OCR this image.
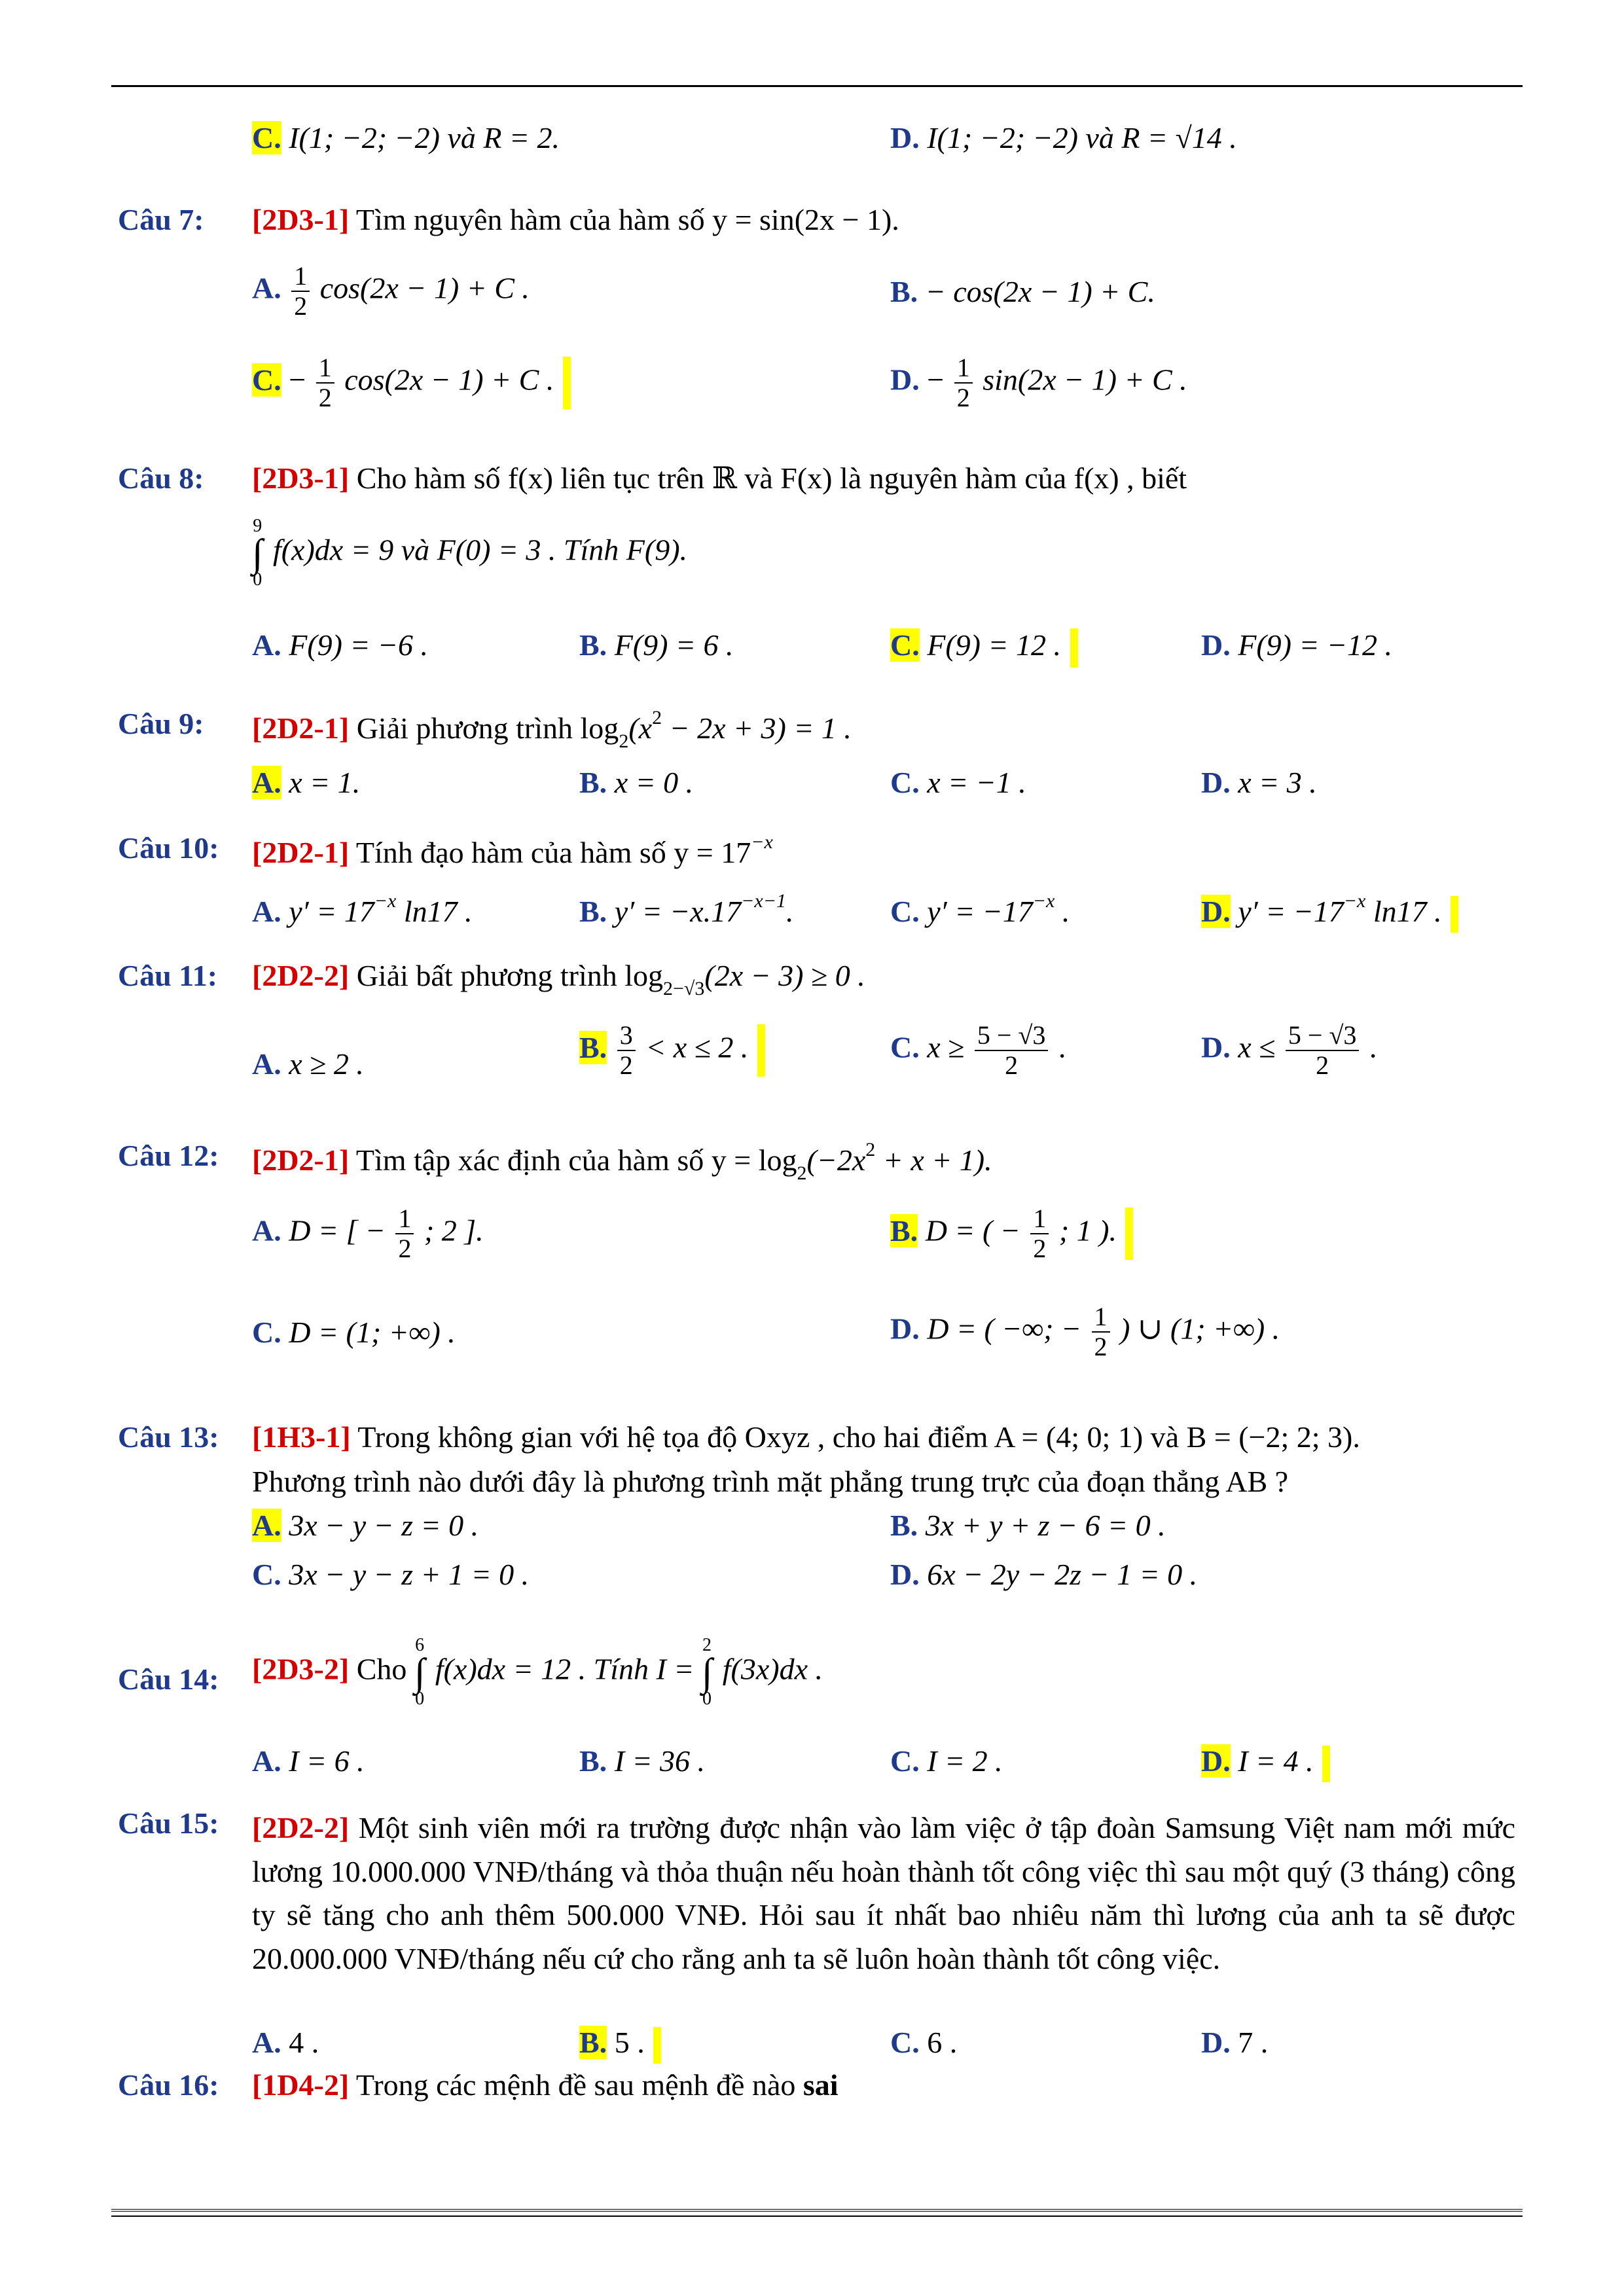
C. I(1; −2; −2) và R = 2.	D. I(1; −2; −2) và R = √14 .
Câu 7: [2D3-1] Tìm nguyên hàm của hàm số y = sin(2x − 1).
A. $\frac{1}{2} \cos(2x - 1) + C$ .	B. − cos(2x − 1) + C.
C. − $\frac{1}{2} \cos(2x - 1) + C$ .	D. − $\frac{1}{2} \sin(2x - 1) + C$ .
Câu 8: [2D3-1] Cho hàm số f(x) liên tục trên ℝ và F(x) là nguyên hàm của f(x) , biết
9
∫
0
f(x)dx = 9 và F(0) = 3 . Tính F(9).
A. F(9) = −6 .	B. F(9) = 6 .	C. F(9) = 12 .	D. F(9) = −12 .
Câu 9: [2D2-1] Giải phương trình $\log_2(x^2 - 2x + 3) = 1$ .
A. x = 1.	B. x = 0 .	C. x = −1 .	D. x = 3 .
Câu 10: [2D2-1] Tính đạo hàm của hàm số $y = 17^{-x}$
A. $y' = 17^{-x}$ ln17 .	B. $y' = -x.17^{-x-1}$.	C. $y' = -17^{-x}$ .	D. $y' = -17^{-x}$ ln17 .
Câu 11: [2D2-2] Giải bất phương trình $\log_{2-√3}(2x - 3) \ge 0$ .
A. x ≥ 2 .	B. $\frac{3}{2} < x \le 2$ .	C. $x \ge \frac{5 - √3}{2}$ .	D. $x \le \frac{5 - √3}{2}$ .
Câu 12: [2D2-1] Tìm tập xác định của hàm số $y = \log_2(-2x^2 + x + 1)$.
A. D = [ − $\frac{1}{2}$ ; 2 ].	B. D = ( − $\frac{1}{2}$ ; 1 ).
C. D = (1; +∞) .	D. D = ( −∞; − $\frac{1}{2}$ ) ∪ (1; +∞) .
Câu 13: [1H3-1] Trong không gian với hệ tọa độ Oxyz , cho hai điểm A = (4; 0; 1) và B = (−2; 2; 3).
Phương trình nào dưới đây là phương trình mặt phẳng trung trực của đoạn thẳng AB ?
A. 3x − y − z = 0 .	B. 3x + y + z − 6 = 0 .
C. 3x − y − z + 1 = 0 .	D. 6x − 2y − 2z − 1 = 0 .
Câu 14: [2D3-2] Cho
6
∫
0
f(x)dx = 12 . Tính I =
2
∫
0
f(3x)dx .
A. I = 6 .	B. I = 36 .	C. I = 2 .	D. I = 4 .
Câu 15: [2D2-2] Một sinh viên mới ra trường được nhận vào làm việc ở tập đoàn Samsung Việt nam mới mức lương 10.000.000 VNĐ/tháng và thỏa thuận nếu hoàn thành tốt công việc thì sau một quý (3 tháng) công ty sẽ tăng cho anh thêm 500.000 VNĐ. Hỏi sau ít nhất bao nhiêu năm thì lương của anh ta sẽ được 20.000.000 VNĐ/tháng nếu cứ cho rằng anh ta sẽ luôn hoàn thành tốt công việc.
A. 4 .	B. 5 .	C. 6 .	D. 7 .
Câu 16: [1D4-2] Trong các mệnh đề sau mệnh đề nào sai
